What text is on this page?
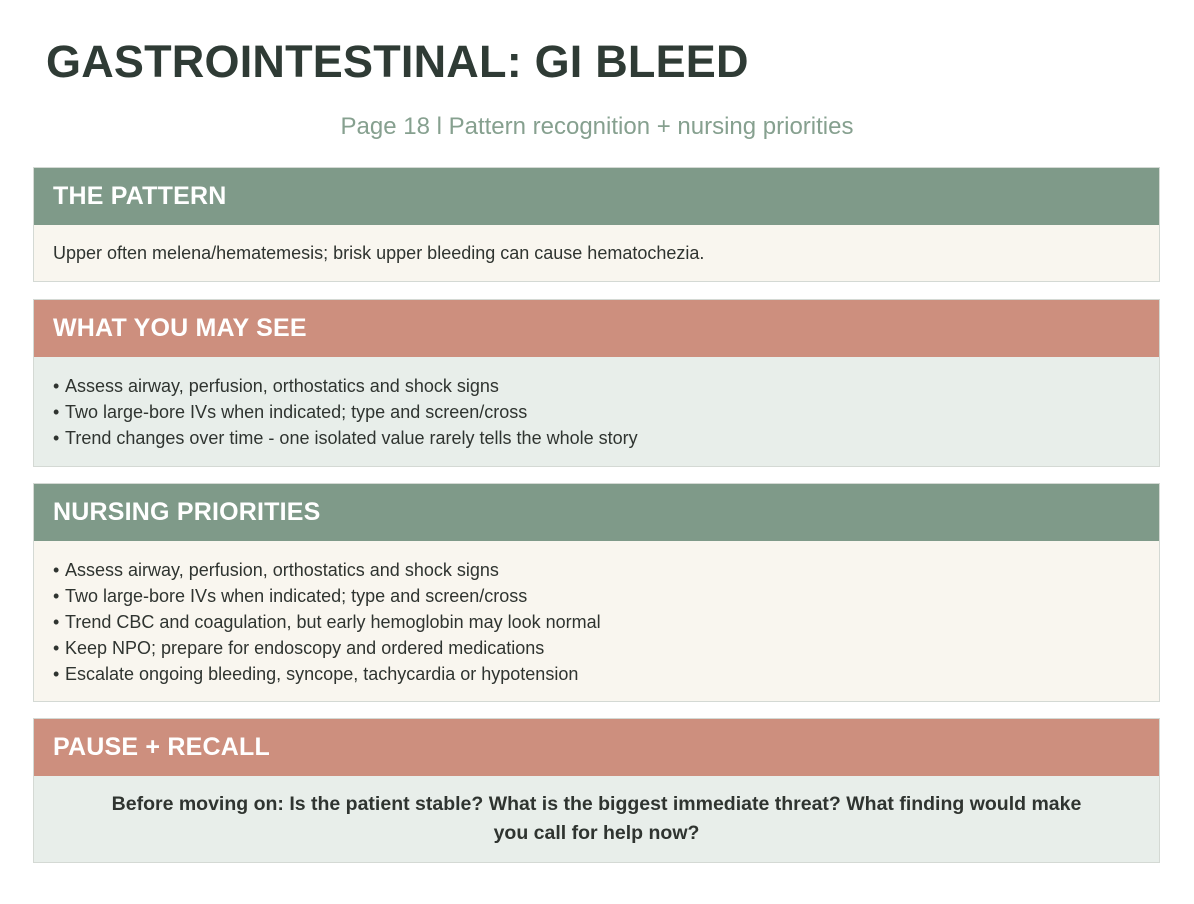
GASTROINTESTINAL: GI BLEED
Page 18 l Pattern recognition + nursing priorities
THE PATTERN
Upper often melena/hematemesis; brisk upper bleeding can cause hematochezia.
WHAT YOU MAY SEE
• Assess airway, perfusion, orthostatics and shock signs
• Two large-bore IVs when indicated; type and screen/cross
• Trend changes over time - one isolated value rarely tells the whole story
NURSING PRIORITIES
• Assess airway, perfusion, orthostatics and shock signs
• Two large-bore IVs when indicated; type and screen/cross
• Trend CBC and coagulation, but early hemoglobin may look normal
• Keep NPO; prepare for endoscopy and ordered medications
• Escalate ongoing bleeding, syncope, tachycardia or hypotension
PAUSE + RECALL
Before moving on: Is the patient stable? What is the biggest immediate threat? What finding would make you call for help now?
